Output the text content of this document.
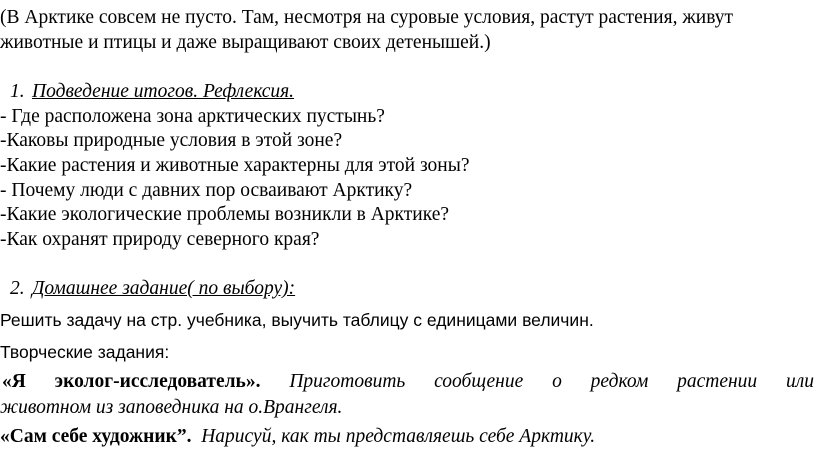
(В Арктике совсем не пусто. Там, несмотря на суровые условия, растут растения, живут
животные и птицы и даже выращивают своих детенышей.)
1. Подведение итогов. Рефлексия.
- Где расположена зона арктических пустынь?
-Каковы природные условия в этой зоне?
-Какие растения и животные характерны для этой зоны?
- Почему люди с давних пор осваивают Арктику?
-Какие экологические проблемы возникли в Арктике?
-Как охранят природу северного края?
2. Домашнее задание( по выбору):
Решить задачу на стр. учебника, выучить таблицу с единицами величин.
Творческие задания:
«Я эколог-исследователь». Приготовить сообщение о редком растении или
животном из заповедника на о.Врангеля.
«Сам себе художник”. Нарисуй, как ты представляешь себе Арктику.
